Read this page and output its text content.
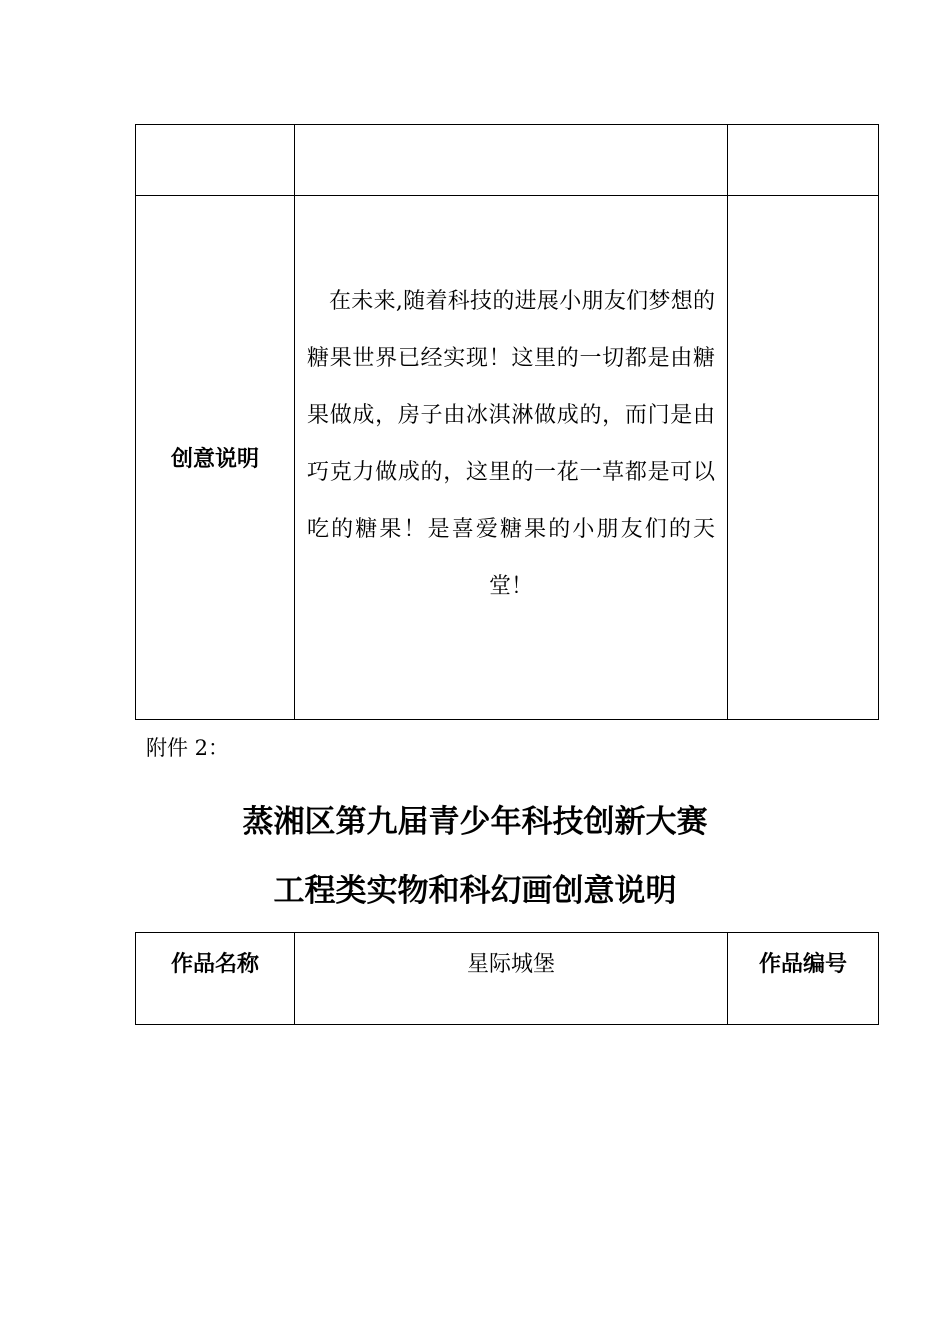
创意说明	在未来,随着科技的进展小朋友们梦想的糖果世界已经实现！这里的一切都是由糖果做成，房子由冰淇淋做成的，而门是由巧克力做成的，这里的一花一草都是可以吃的糖果！是喜爱糖果的小朋友们的天堂！	

附件 2：
蒸湘区第九届青少年科技创新大赛
工程类实物和科幻画创意说明
作品名称	星际城堡	作品编号
